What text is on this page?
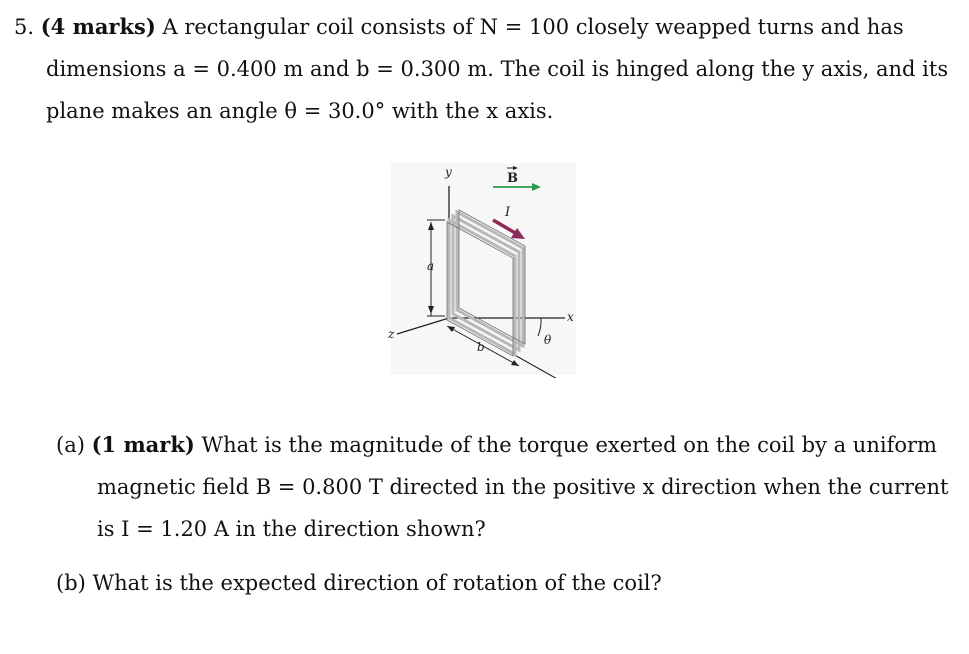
5. (4 marks) A rectangular coil consists of N = 100 closely weapped turns and has
dimensions a = 0.400 m and b = 0.300 m. The coil is hinged along the y axis, and its
plane makes an angle θ = 30.0° with the x axis.
a
b	θ
y
x
z
B
I
(a) (1 mark) What is the magnitude of the torque exerted on the coil by a uniform
magnetic field B = 0.800 T directed in the positive x direction when the current
is I = 1.20 A in the direction shown?
(b) What is the expected direction of rotation of the coil?
